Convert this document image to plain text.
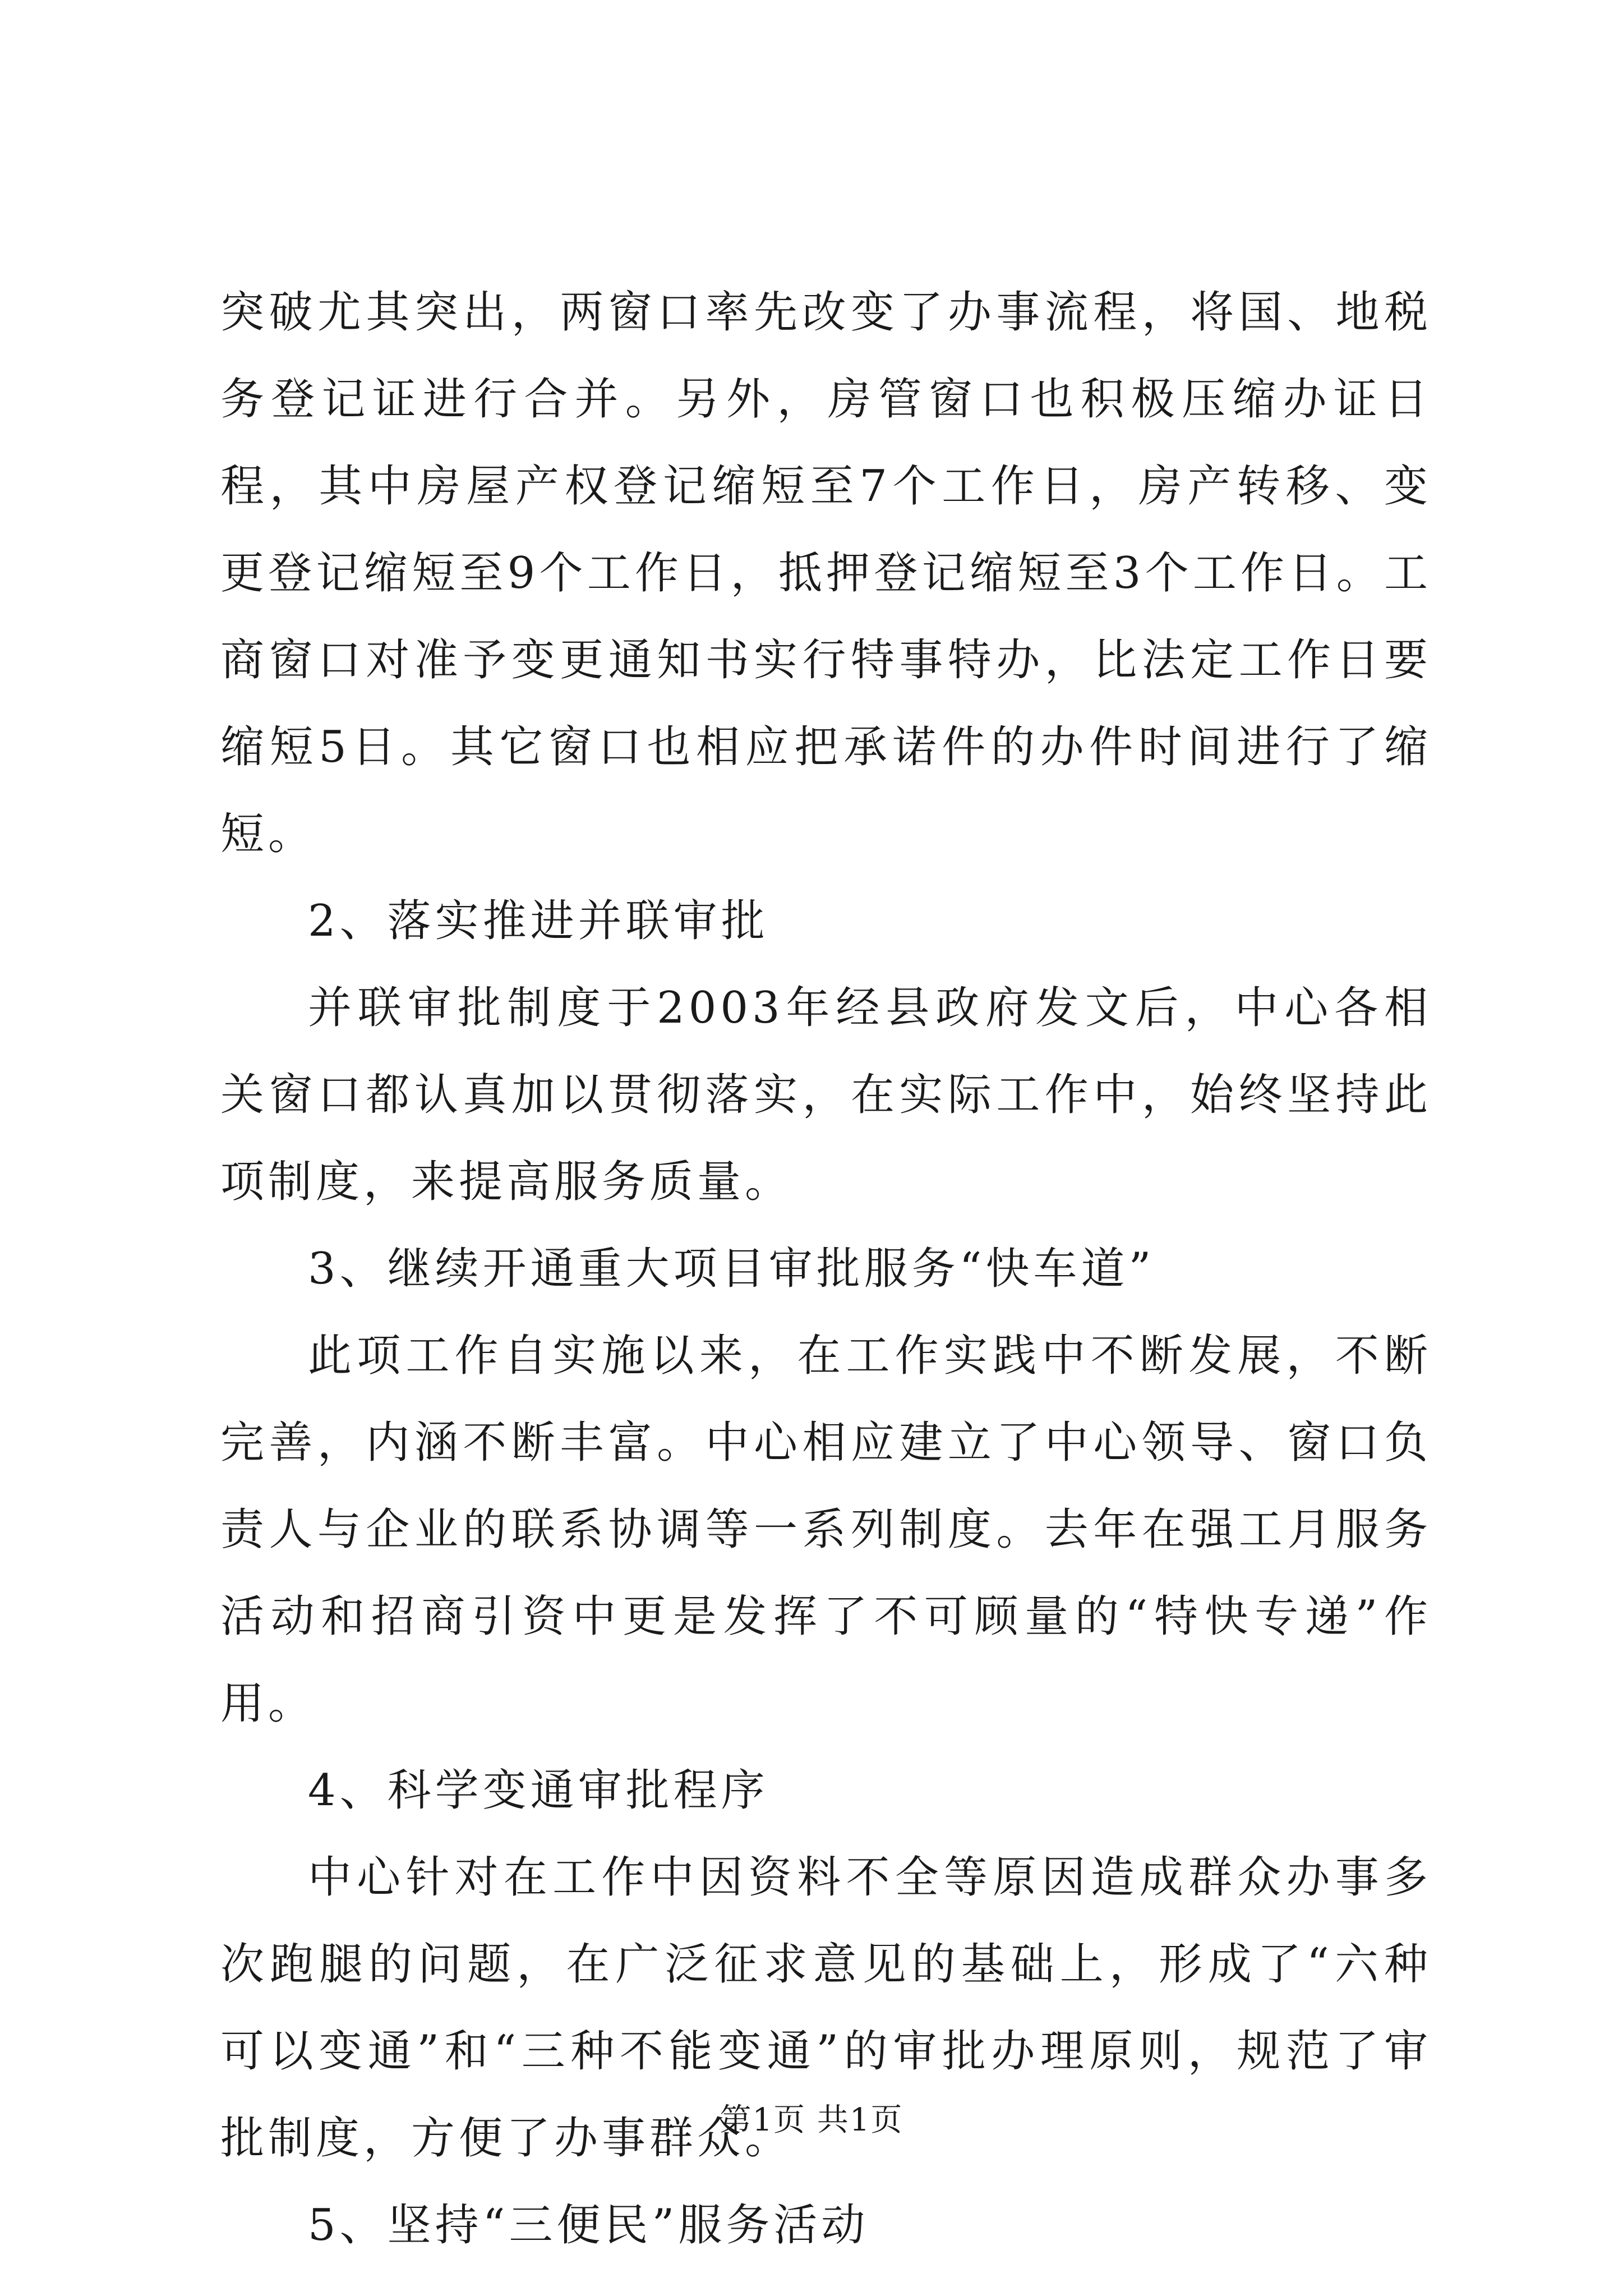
突破尤其突出，两窗口率先改变了办事流程，将国、地税务登记证进行合并。另外，房管窗口也积极压缩办证日程，其中房屋产权登记缩短至7个工作日，房产转移、变更登记缩短至9个工作日，抵押登记缩短至3个工作日。工商窗口对准予变更通知书实行特事特办，比法定工作日要缩短5日。其它窗口也相应把承诺件的办件时间进行了缩短。

2、落实推进并联审批

并联审批制度于2003年经县政府发文后，中心各相关窗口都认真加以贯彻落实，在实际工作中，始终坚持此项制度，来提高服务质量。

3、继续开通重大项目审批服务“快车道”

此项工作自实施以来，在工作实践中不断发展，不断完善，内涵不断丰富。中心相应建立了中心领导、窗口负责人与企业的联系协调等一系列制度。去年在强工月服务活动和招商引资中更是发挥了不可顾量的“特快专递”作用。

4、科学变通审批程序

中心针对在工作中因资料不全等原因造成群众办事多次跑腿的问题，在广泛征求意见的基础上，形成了“六种可以变通”和“三种不能变通”的审批办理原则，规范了审批制度，方便了办事群众。

5、坚持“三便民”服务活动

第1页 共1页
